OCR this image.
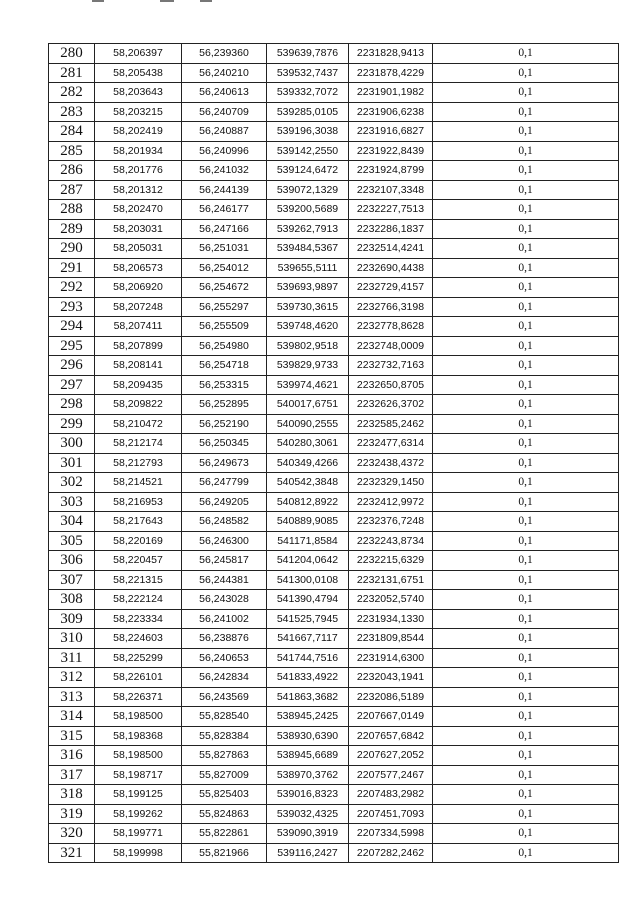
280	58,206397	56,239360	539639,7876	2231828,9413	0,1
281	58,205438	56,240210	539532,7437	2231878,4229	0,1
282	58,203643	56,240613	539332,7072	2231901,1982	0,1
283	58,203215	56,240709	539285,0105	2231906,6238	0,1
284	58,202419	56,240887	539196,3038	2231916,6827	0,1
285	58,201934	56,240996	539142,2550	2231922,8439	0,1
286	58,201776	56,241032	539124,6472	2231924,8799	0,1
287	58,201312	56,244139	539072,1329	2232107,3348	0,1
288	58,202470	56,246177	539200,5689	2232227,7513	0,1
289	58,203031	56,247166	539262,7913	2232286,1837	0,1
290	58,205031	56,251031	539484,5367	2232514,4241	0,1
291	58,206573	56,254012	539655,5111	2232690,4438	0,1
292	58,206920	56,254672	539693,9897	2232729,4157	0,1
293	58,207248	56,255297	539730,3615	2232766,3198	0,1
294	58,207411	56,255509	539748,4620	2232778,8628	0,1
295	58,207899	56,254980	539802,9518	2232748,0009	0,1
296	58,208141	56,254718	539829,9733	2232732,7163	0,1
297	58,209435	56,253315	539974,4621	2232650,8705	0,1
298	58,209822	56,252895	540017,6751	2232626,3702	0,1
299	58,210472	56,252190	540090,2555	2232585,2462	0,1
300	58,212174	56,250345	540280,3061	2232477,6314	0,1
301	58,212793	56,249673	540349,4266	2232438,4372	0,1
302	58,214521	56,247799	540542,3848	2232329,1450	0,1
303	58,216953	56,249205	540812,8922	2232412,9972	0,1
304	58,217643	56,248582	540889,9085	2232376,7248	0,1
305	58,220169	56,246300	541171,8584	2232243,8734	0,1
306	58,220457	56,245817	541204,0642	2232215,6329	0,1
307	58,221315	56,244381	541300,0108	2232131,6751	0,1
308	58,222124	56,243028	541390,4794	2232052,5740	0,1
309	58,223334	56,241002	541525,7945	2231934,1330	0,1
310	58,224603	56,238876	541667,7117	2231809,8544	0,1
311	58,225299	56,240653	541744,7516	2231914,6300	0,1
312	58,226101	56,242834	541833,4922	2232043,1941	0,1
313	58,226371	56,243569	541863,3682	2232086,5189	0,1
314	58,198500	55,828540	538945,2425	2207667,0149	0,1
315	58,198368	55,828384	538930,6390	2207657,6842	0,1
316	58,198500	55,827863	538945,6689	2207627,2052	0,1
317	58,198717	55,827009	538970,3762	2207577,2467	0,1
318	58,199125	55,825403	539016,8323	2207483,2982	0,1
319	58,199262	55,824863	539032,4325	2207451,7093	0,1
320	58,199771	55,822861	539090,3919	2207334,5998	0,1
321	58,199998	55,821966	539116,2427	2207282,2462	0,1
